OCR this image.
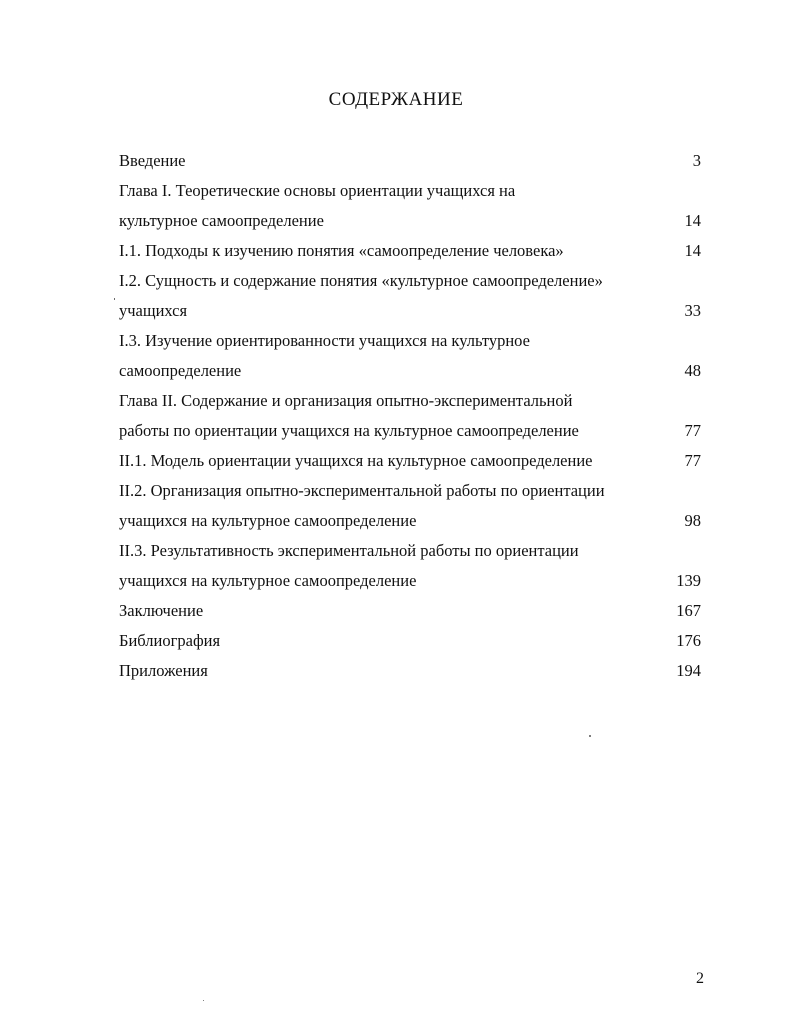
СОДЕРЖАНИЕ
Введение	3
Глава I. Теоретические основы ориентации учащихся на
культурное самоопределение	14
I.1. Подходы к изучению понятия «самоопределение человека»	14
I.2. Сущность и содержание понятия «культурное самоопределение»
учащихся	33
I.3. Изучение ориентированности учащихся на культурное
самоопределение	48
Глава II. Содержание и организация опытно-экспериментальной
работы по ориентации учащихся на культурное самоопределение	77
II.1. Модель ориентации учащихся на культурное самоопределение	77
II.2. Организация опытно-экспериментальной работы по ориентации
учащихся на культурное самоопределение	98
II.3. Результативность экспериментальной работы по ориентации
учащихся на культурное самоопределение	139
Заключение	167
Библиография	176
Приложения	194
2
